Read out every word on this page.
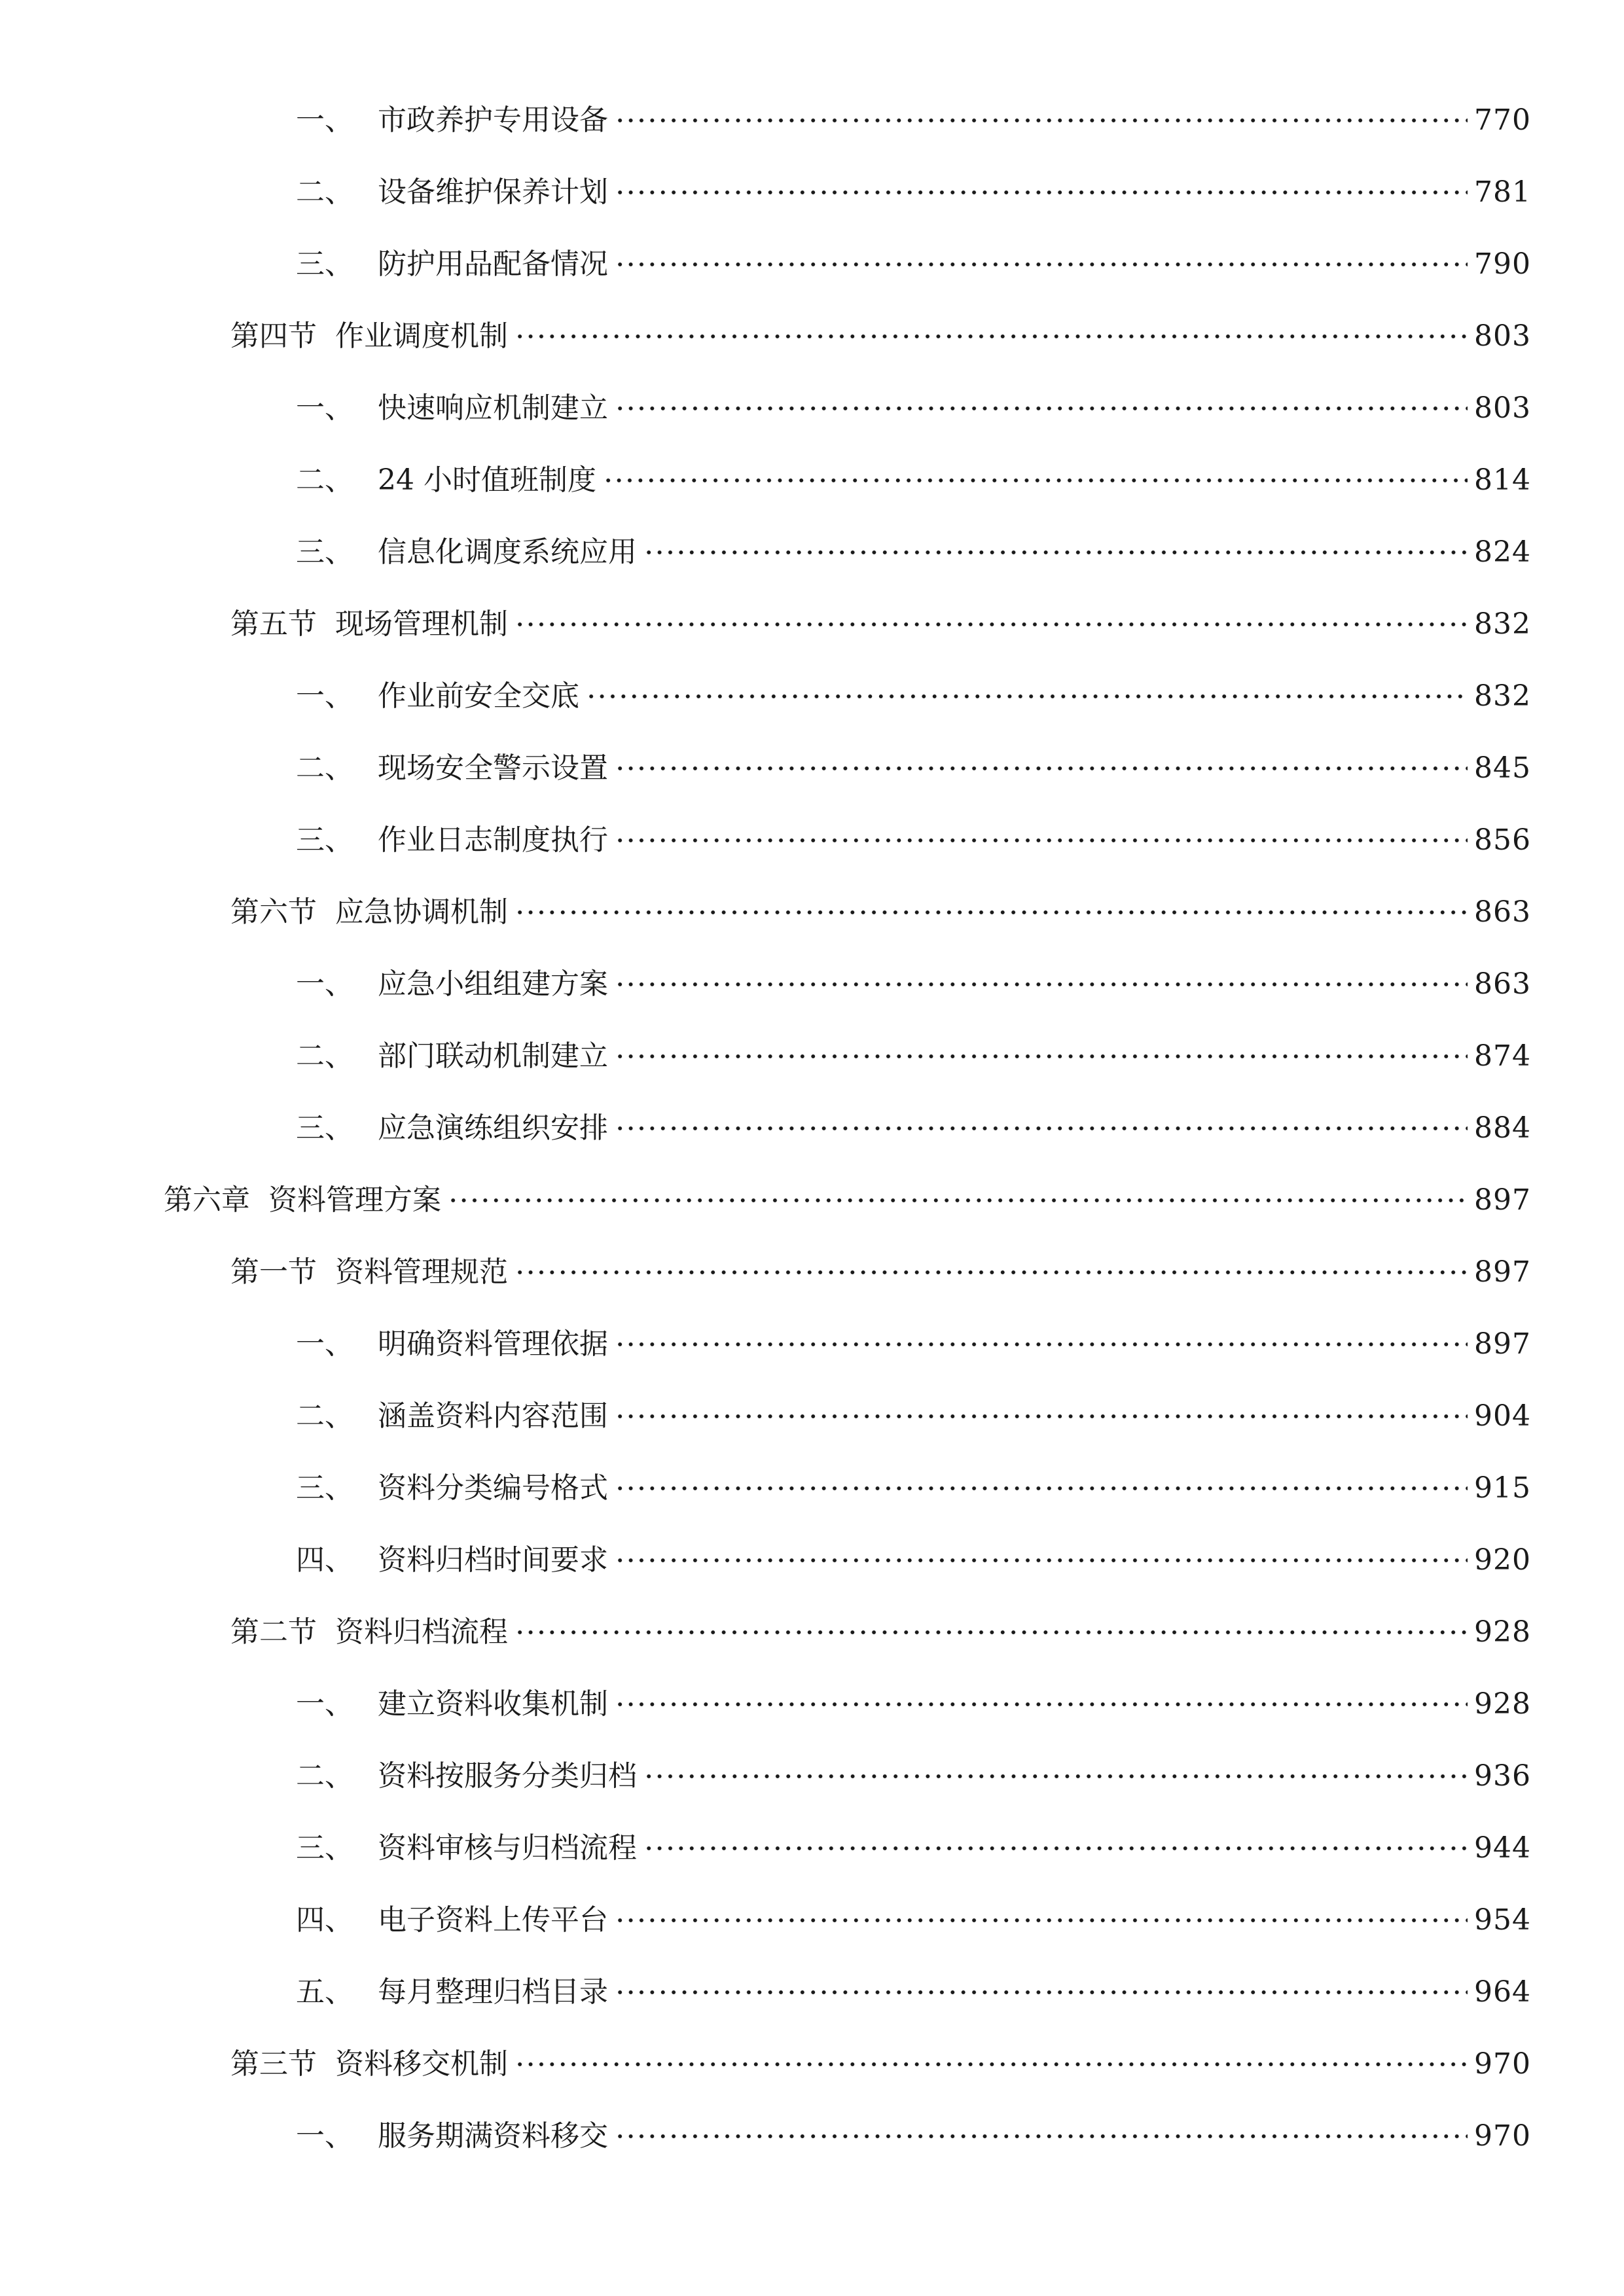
一、 市政养护专用设备	770
二、 设备维护保养计划	781
三、 防护用品配备情况	790
第四节 作业调度机制	803
一、 快速响应机制建立	803
二、 24 小时值班制度	814
三、 信息化调度系统应用	824
第五节 现场管理机制	832
一、 作业前安全交底	832
二、 现场安全警示设置	845
三、 作业日志制度执行	856
第六节 应急协调机制	863
一、 应急小组组建方案	863
二、 部门联动机制建立	874
三、 应急演练组织安排	884
第六章 资料管理方案	897
第一节 资料管理规范	897
一、 明确资料管理依据	897
二、 涵盖资料内容范围	904
三、 资料分类编号格式	915
四、 资料归档时间要求	920
第二节 资料归档流程	928
一、 建立资料收集机制	928
二、 资料按服务分类归档	936
三、 资料审核与归档流程	944
四、 电子资料上传平台	954
五、 每月整理归档目录	964
第三节 资料移交机制	970
一、 服务期满资料移交	970
